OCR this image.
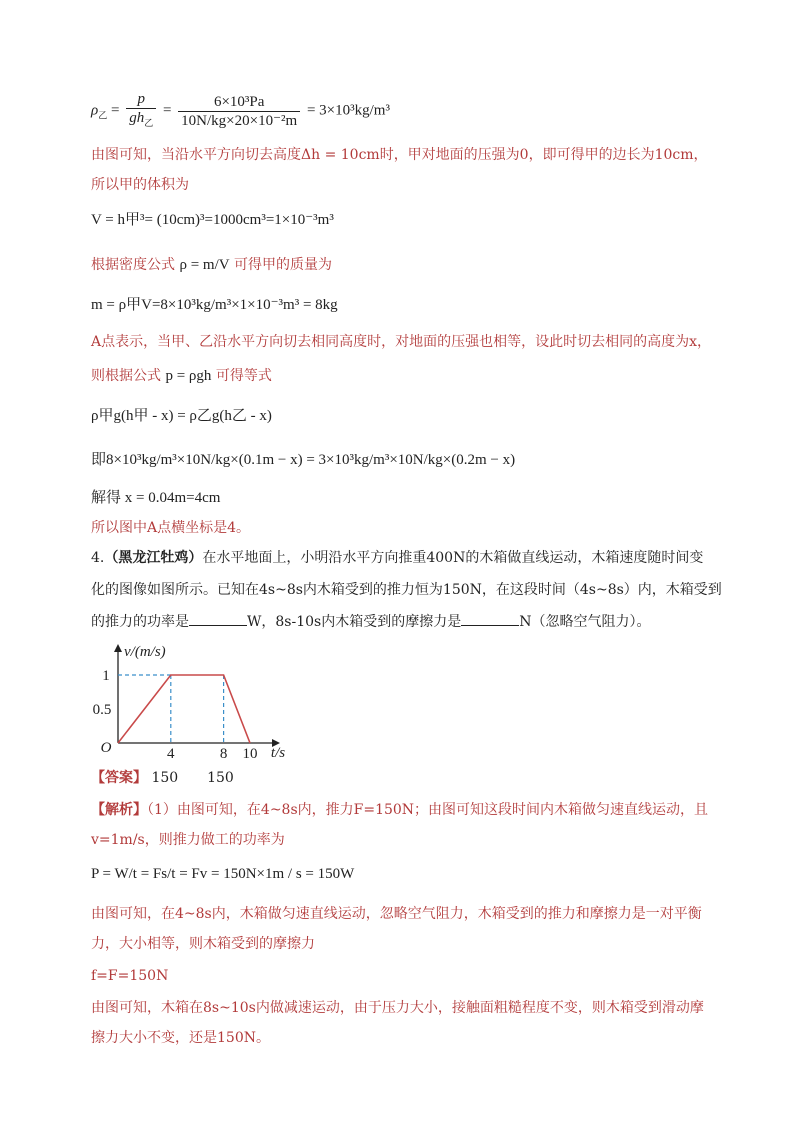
$\rho_乙 = \frac{p}{gh_乙} = \frac{\text{6×10³Pa}}{\text{10N/kg×20×10⁻²m}} = 3\times 10^3kg/m^3$
由图可知，当沿水平方向切去高度Δh = 10cm时，甲对地面的压强为0，即可得甲的边长为10cm，
所以甲的体积为
V = h甲³= (10cm)³=1000cm³=1×10⁻³m³
根据密度公式 ρ = m/V 可得甲的质量为
m = ρ甲V=8×10³kg/m³×1×10⁻³m³ = 8kg
A点表示，当甲、乙沿水平方向切去相同高度时，对地面的压强也相等，设此时切去相同的高度为x，
则根据公式 p = ρgh 可得等式
ρ甲g(h甲 - x) = ρ乙g(h乙 - x)
即8×10³kg/m³×10N/kg×(0.1m − x) = 3×10³kg/m³×10N/kg×(0.2m − x)
解得 x = 0.04m=4cm
所以图中A点横坐标是4。
4.（黑龙江牡鸡）在水平地面上，小明沿水平方向推重400N的木箱做直线运动，木箱速度随时间变
化的图像如图所示。已知在4s~8s内木箱受到的推力恒为150N，在这段时间（4s~8s）内，木箱受到
的推力的功率是	W，8s-10s内木箱受到的摩擦力是	N（忽略空气阻力）。
O	4	8 10
1
0.5
v/(m/s)
t/s
【答案】 150 150
【解析】（1）由图可知，在4~8s内，推力F=150N；由图可知这段时间内木箱做匀速直线运动，且
v=1m/s，则推力做工的功率为
P = W/t = Fs/t = Fv = 150N×1m / s = 150W
由图可知，在4~8s内，木箱做匀速直线运动，忽略空气阻力，木箱受到的推力和摩擦力是一对平衡
力，大小相等，则木箱受到的摩擦力
f=F=150N
由图可知，木箱在8s~10s内做减速运动，由于压力大小，接触面粗糙程度不变，则木箱受到滑动摩
擦力大小不变，还是150N。
